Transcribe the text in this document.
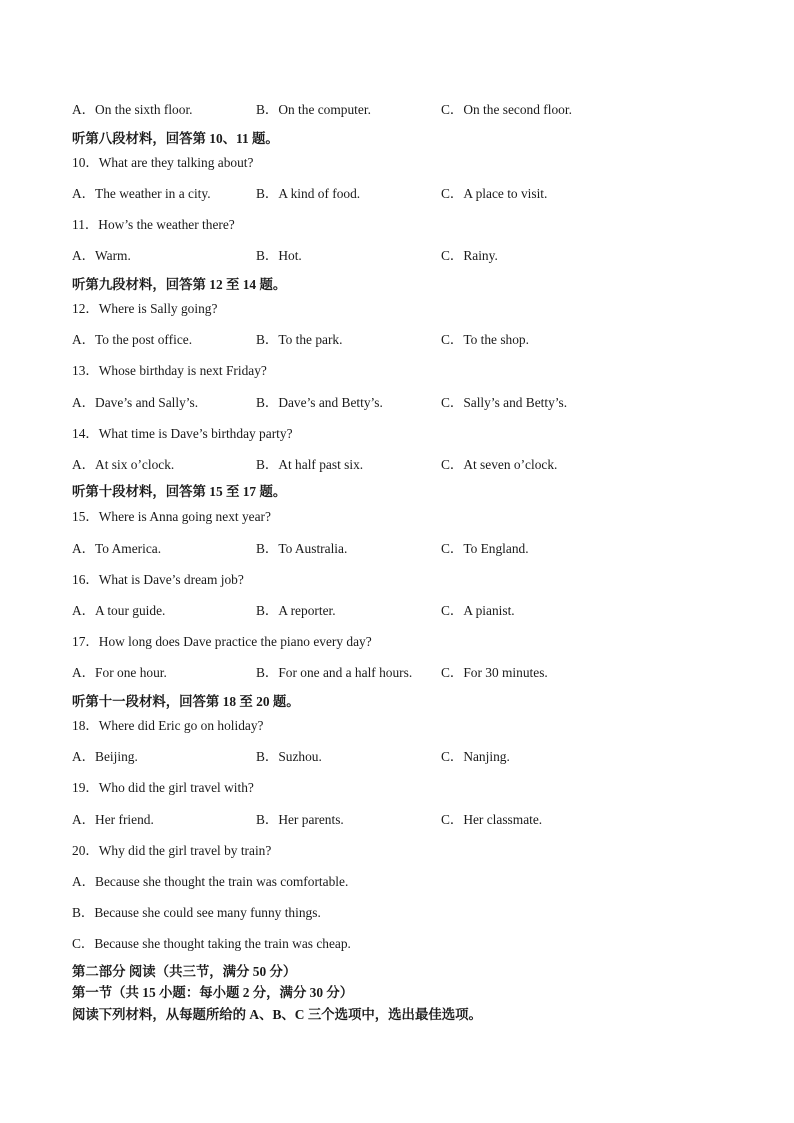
A．On the sixth floor.	B．On the computer.	C．On the second floor.
听第八段材料，回答第 10、11 题。
10．What are they talking about?
A．The weather in a city.	B．A kind of food.	C．A place to visit.
11．How’s the weather there?
A．Warm.	B．Hot.	C．Rainy.
听第九段材料，回答第 12 至 14 题。
12．Where is Sally going?
A．To the post office.	B．To the park.	C．To the shop.
13．Whose birthday is next Friday?
A．Dave’s and Sally’s.	B．Dave’s and Betty’s.	C．Sally’s and Betty’s.
14．What time is Dave’s birthday party?
A．At six o’clock.	B．At half past six.	C．At seven o’clock.
听第十段材料，回答第 15 至 17 题。
15．Where is Anna going next year?
A．To America.	B．To Australia.	C．To England.
16．What is Dave’s dream job?
A．A tour guide.	B．A reporter.	C．A pianist.
17．How long does Dave practice the piano every day?
A．For one hour.	B．For one and a half hours. C．For 30 minutes.
听第十一段材料，回答第 18 至 20 题。
18．Where did Eric go on holiday?
A．Beijing.	B．Suzhou.	C．Nanjing.
19．Who did the girl travel with?
A．Her friend.	B．Her parents.	C．Her classmate.
20．Why did the girl travel by train?
A．Because she thought the train was comfortable.
B．Because she could see many funny things.
C．Because she thought taking the train was cheap.
第二部分 阅读（共三节，满分 50 分）
第一节（共 15 小题：每小题 2 分，满分 30 分）
阅读下列材料，从每题所给的 A、B、C 三个选项中，选出最佳选项。
